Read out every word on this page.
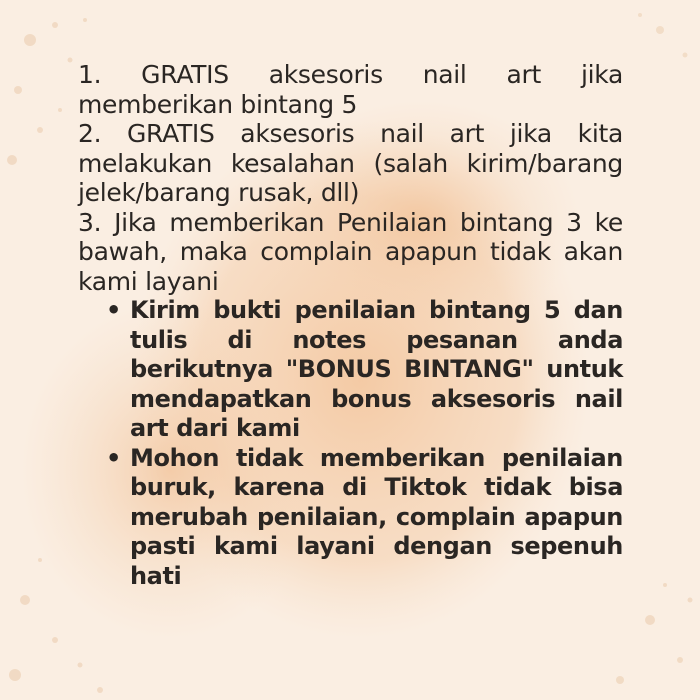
1. GRATIS aksesoris nail art jika memberikan bintang 5

2. GRATIS aksesoris nail art jika kita melakukan kesalahan (salah kirim/barang jelek/barang rusak, dll)

3. Jika memberikan Penilaian bintang 3 ke bawah, maka complain apapun tidak akan kami layani

• Kirim bukti penilaian bintang 5 dan tulis di notes pesanan anda berikutnya "BONUS BINTANG" untuk mendapatkan bonus aksesoris nail art dari kami
• Mohon tidak memberikan penilaian buruk, karena di Tiktok tidak bisa merubah penilaian, complain apapun pasti kami layani dengan sepenuh hati
